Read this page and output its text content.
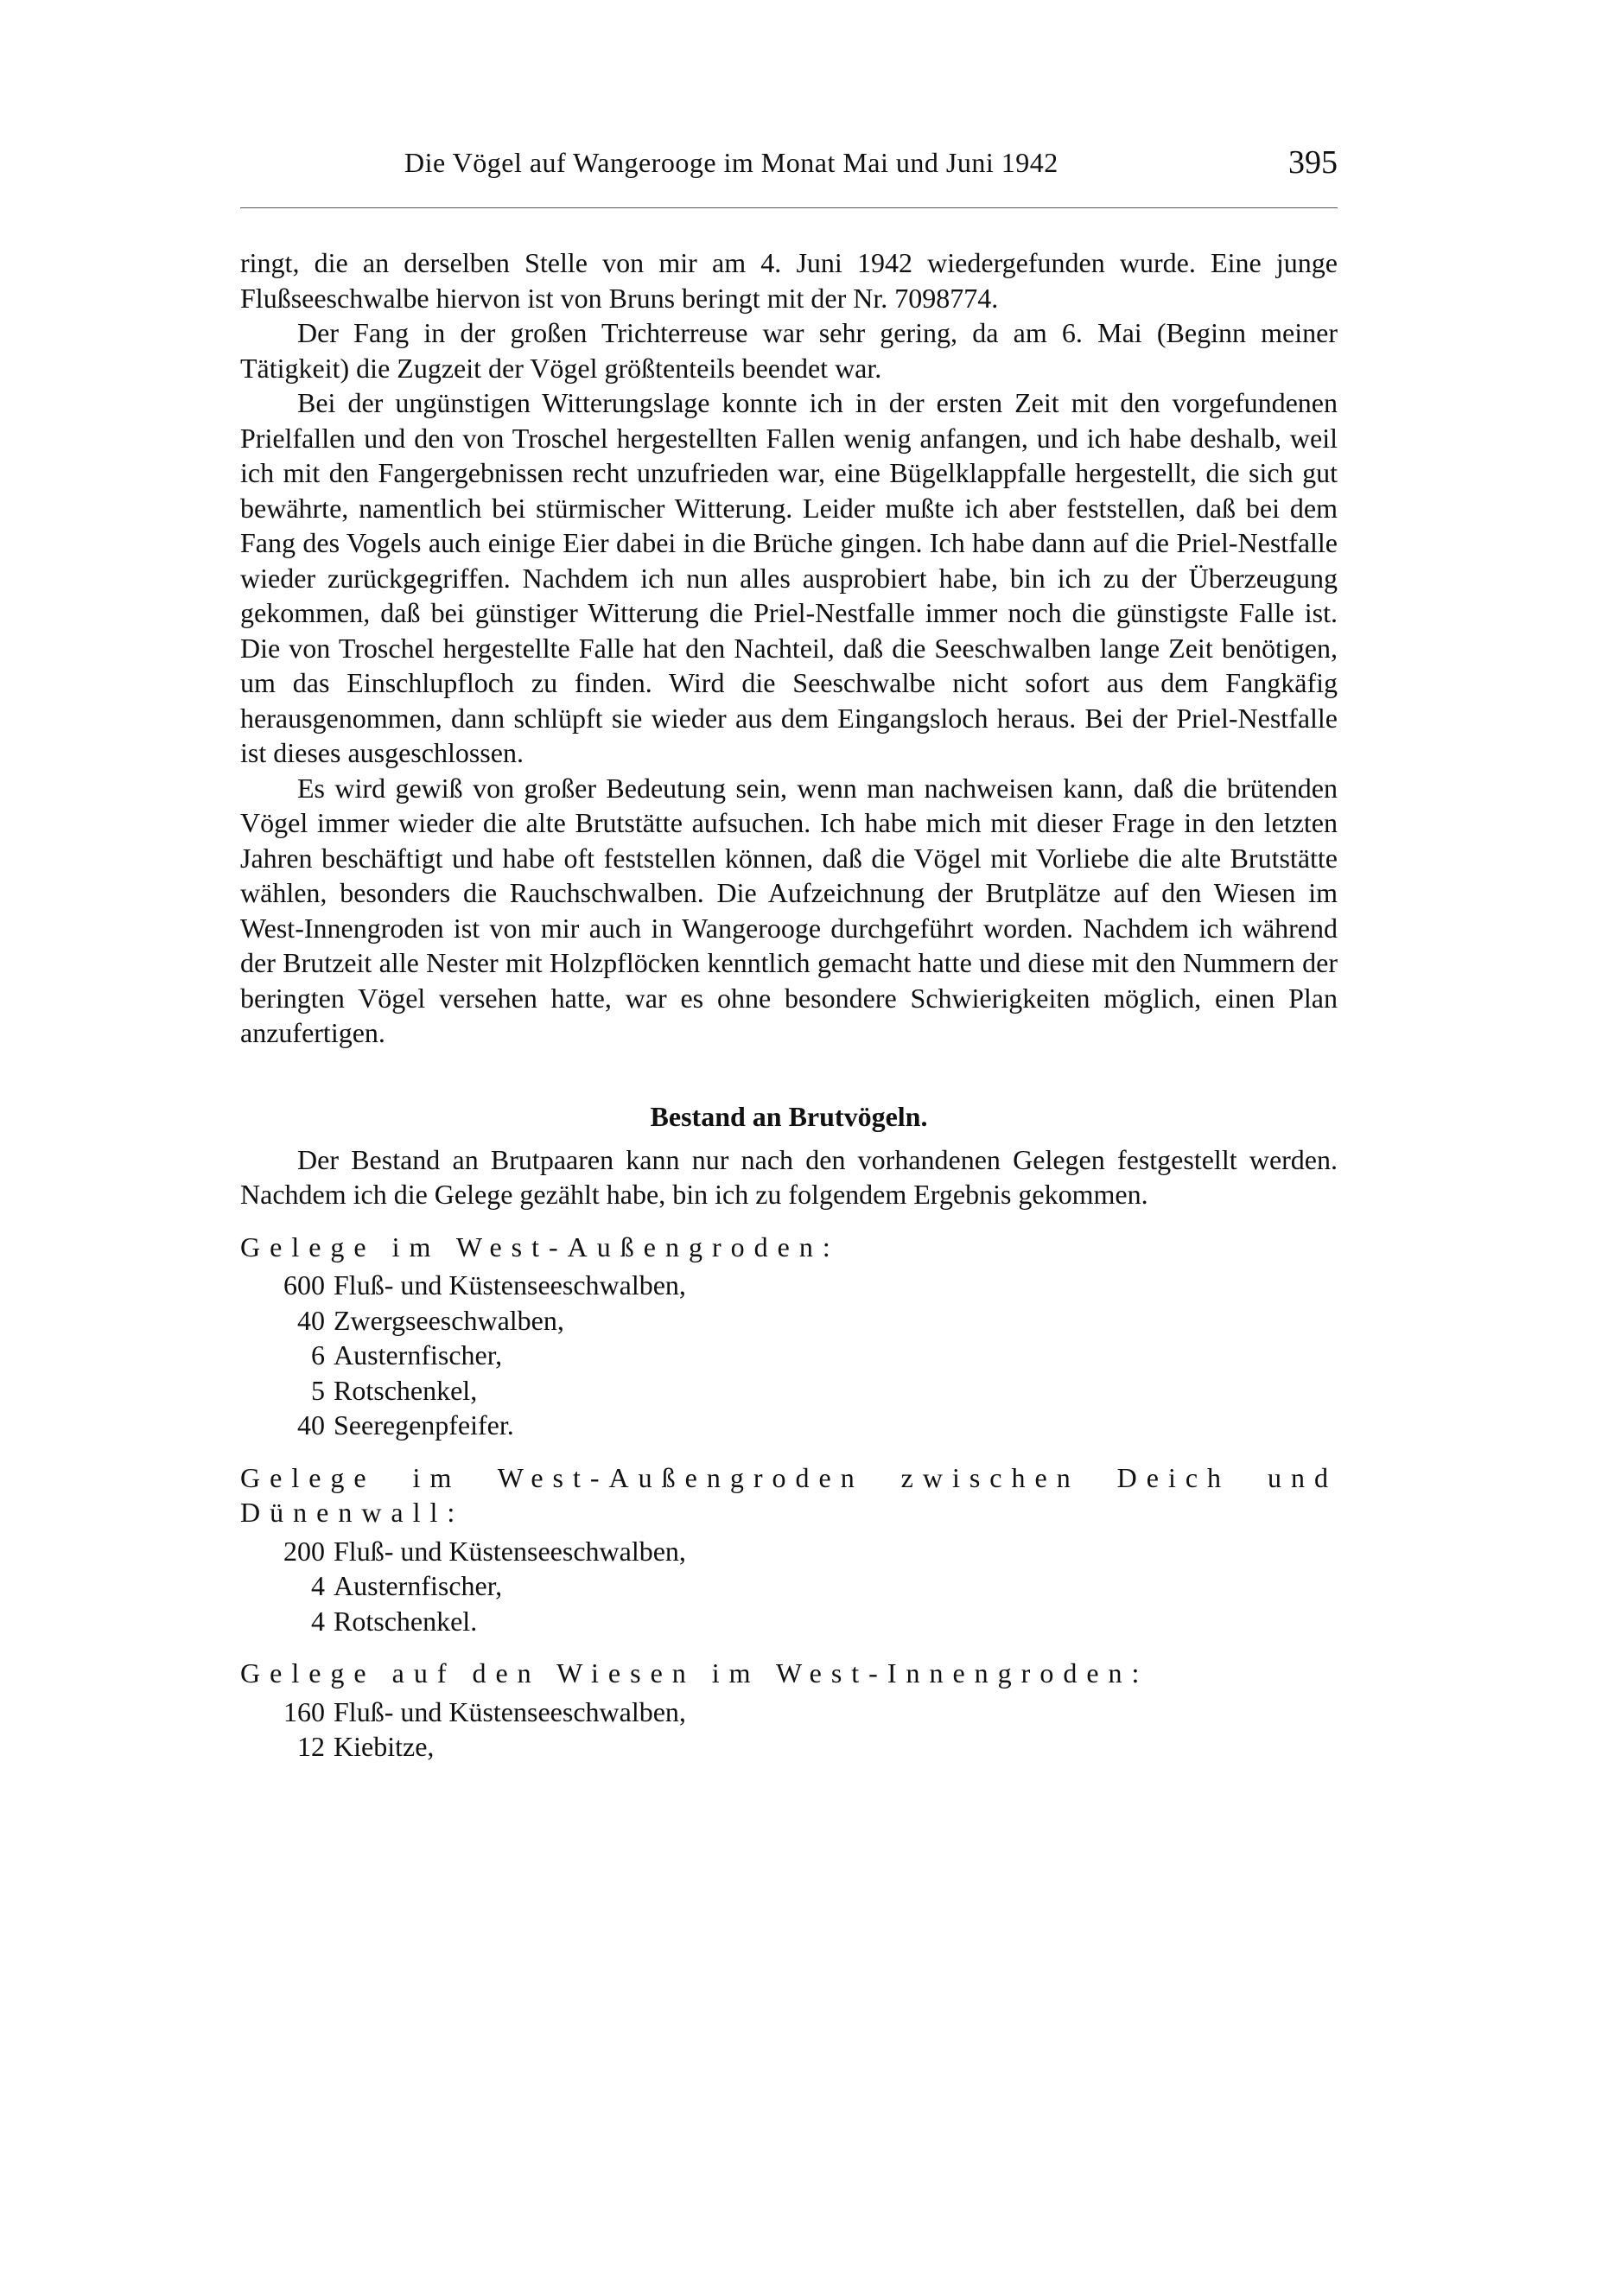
Die Vögel auf Wangerooge im Monat Mai und Juni 1942	395

ringt, die an derselben Stelle von mir am 4. Juni 1942 wiedergefunden wurde. Eine junge Flußseeschwalbe hiervon ist von Bruns beringt mit der Nr. 7098774.

Der Fang in der großen Trichterreuse war sehr gering, da am 6. Mai (Beginn meiner Tätigkeit) die Zugzeit der Vögel größtenteils beendet war.

Bei der ungünstigen Witterungslage konnte ich in der ersten Zeit mit den vorgefundenen Prielfallen und den von Troschel hergestellten Fallen wenig anfangen, und ich habe deshalb, weil ich mit den Fangergebnissen recht unzufrieden war, eine Bügelklappfalle hergestellt, die sich gut bewährte, namentlich bei stürmischer Witterung. Leider mußte ich aber feststellen, daß bei dem Fang des Vogels auch einige Eier dabei in die Brüche gingen. Ich habe dann auf die Priel-Nestfalle wieder zurückgegriffen. Nachdem ich nun alles ausprobiert habe, bin ich zu der Überzeugung gekommen, daß bei günstiger Witterung die Priel-Nestfalle immer noch die günstigste Falle ist. Die von Troschel hergestellte Falle hat den Nachteil, daß die Seeschwalben lange Zeit benötigen, um das Einschlupfloch zu finden. Wird die Seeschwalbe nicht sofort aus dem Fangkäfig herausgenommen, dann schlüpft sie wieder aus dem Eingangsloch heraus. Bei der Priel-Nestfalle ist dieses ausgeschlossen.

Es wird gewiß von großer Bedeutung sein, wenn man nachweisen kann, daß die brütenden Vögel immer wieder die alte Brutstätte aufsuchen. Ich habe mich mit dieser Frage in den letzten Jahren beschäftigt und habe oft feststellen können, daß die Vögel mit Vorliebe die alte Brutstätte wählen, besonders die Rauchschwalben. Die Aufzeichnung der Brutplätze auf den Wiesen im West-Innengroden ist von mir auch in Wangerooge durchgeführt worden. Nachdem ich während der Brutzeit alle Nester mit Holzpflöcken kenntlich gemacht hatte und diese mit den Nummern der beringten Vögel versehen hatte, war es ohne besondere Schwierigkeiten möglich, einen Plan anzufertigen.

Bestand an Brutvögeln.

Der Bestand an Brutpaaren kann nur nach den vorhandenen Gelegen festgestellt werden. Nachdem ich die Gelege gezählt habe, bin ich zu folgendem Ergebnis gekommen.

Gelege im West-Außengroden:
600 Fluß- und Küstenseeschwalben,
40 Zwergseeschwalben,
6 Austernfischer,
5 Rotschenkel,
40 Seeregenpfeifer.
Gelege im West-Außengroden zwischen Deich und Dünenwall:
200 Fluß- und Küstenseeschwalben,
4 Austernfischer,
4 Rotschenkel.
Gelege auf den Wiesen im West-Innengroden:
160 Fluß- und Küstenseeschwalben,
12 Kiebitze,
